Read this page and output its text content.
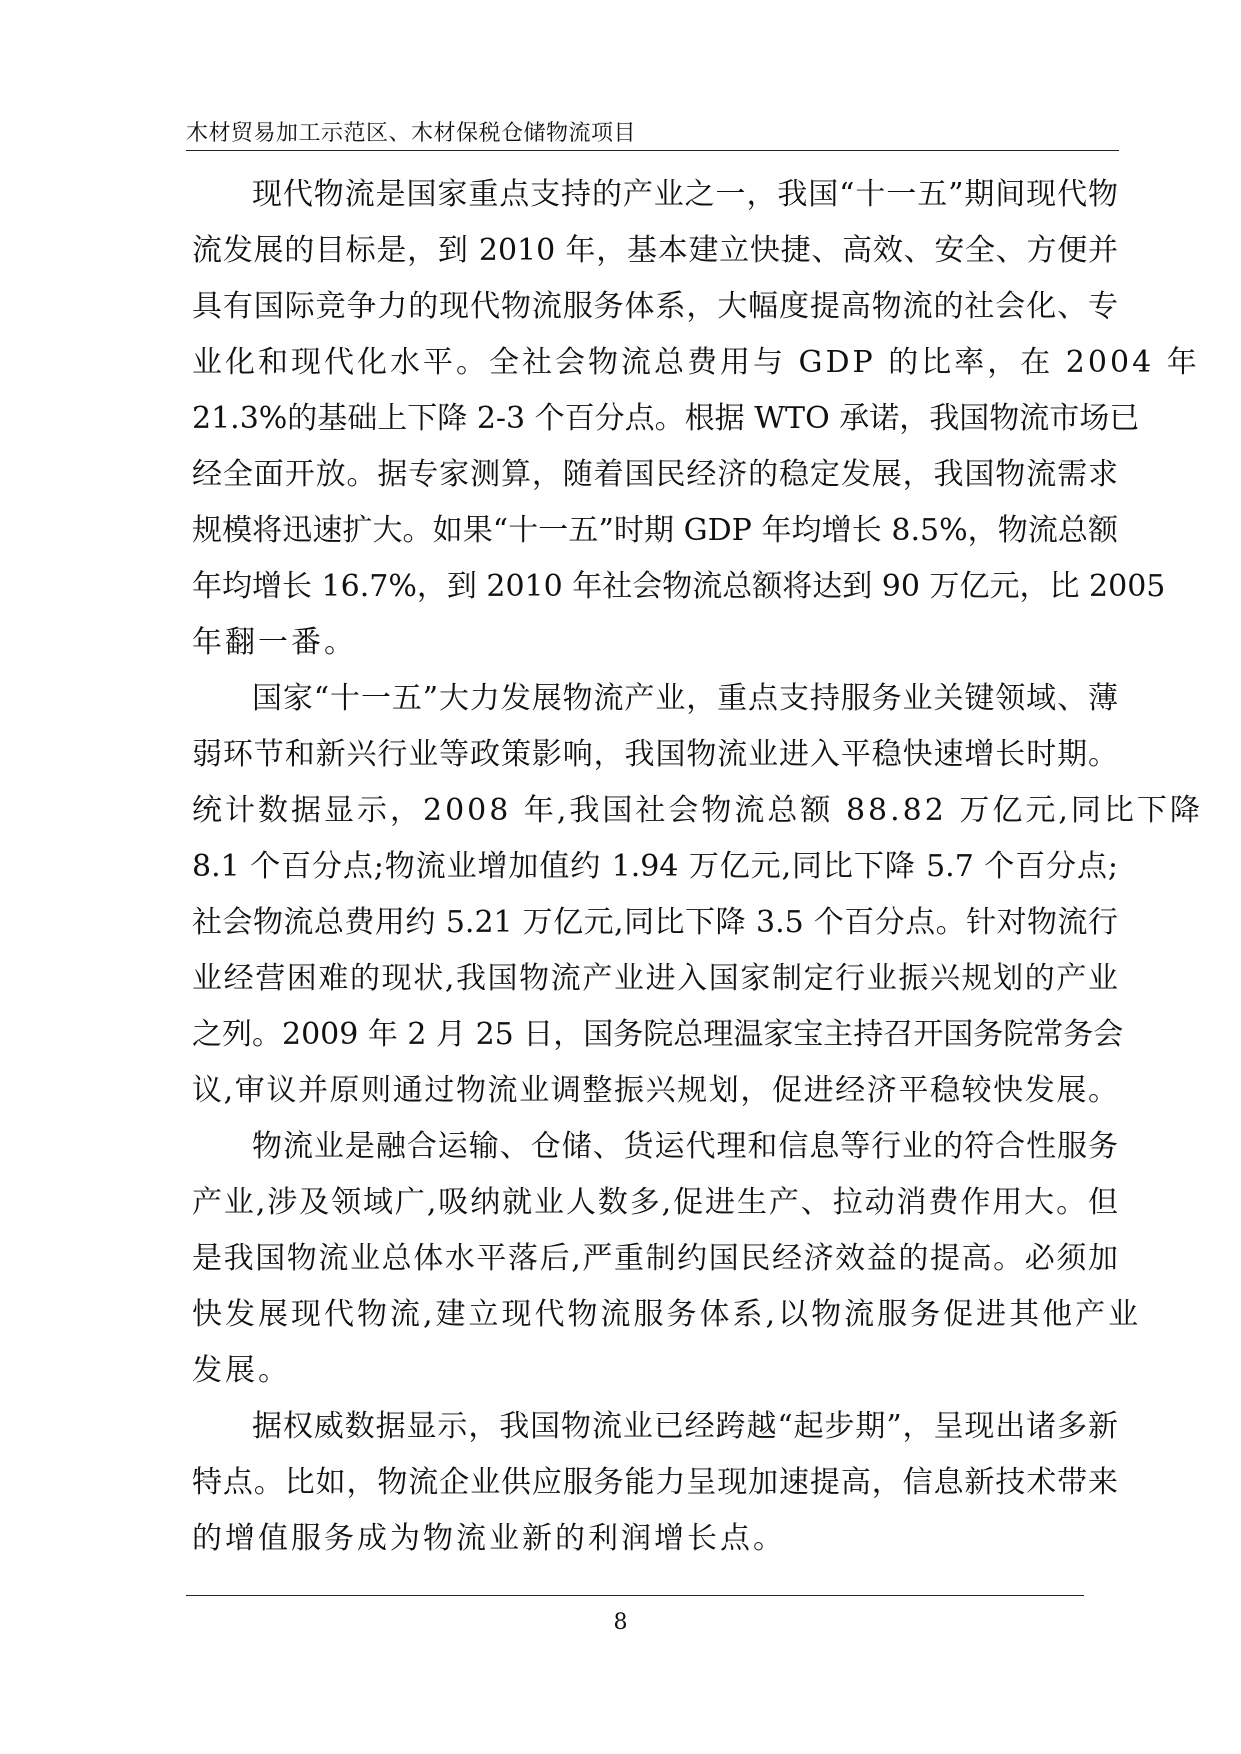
木材贸易加工示范区、木材保税仓储物流项目
现代物流是国家重点支持的产业之一，我国“十一五”期间现代物
流发展的目标是，到 2010 年，基本建立快捷、高效、安全、方便并
具有国际竞争力的现代物流服务体系，大幅度提高物流的社会化、专
业化和现代化水平。全社会物流总费用与 GDP 的比率，在 2004 年
21.3%的基础上下降 2-3 个百分点。根据 WTO 承诺，我国物流市场已
经全面开放。据专家测算，随着国民经济的稳定发展，我国物流需求
规模将迅速扩大。如果“十一五”时期 GDP 年均增长 8.5%，物流总额
年均增长 16.7%，到 2010 年社会物流总额将达到 90 万亿元，比 2005
年翻一番。
国家“十一五”大力发展物流产业，重点支持服务业关键领域、薄
弱环节和新兴行业等政策影响，我国物流业进入平稳快速增长时期。
统计数据显示，2008 年,我国社会物流总额 88.82 万亿元,同比下降
8.1 个百分点;物流业增加值约 1.94 万亿元,同比下降 5.7 个百分点;
社会物流总费用约 5.21 万亿元,同比下降 3.5 个百分点。针对物流行
业经营困难的现状,我国物流产业进入国家制定行业振兴规划的产业
之列。2009 年 2 月 25 日，国务院总理温家宝主持召开国务院常务会
议,审议并原则通过物流业调整振兴规划，促进经济平稳较快发展。
物流业是融合运输、仓储、货运代理和信息等行业的符合性服务
产业,涉及领域广,吸纳就业人数多,促进生产、拉动消费作用大。但
是我国物流业总体水平落后,严重制约国民经济效益的提高。必须加
快发展现代物流,建立现代物流服务体系,以物流服务促进其他产业
发展。
据权威数据显示，我国物流业已经跨越“起步期”，呈现出诸多新
特点。比如，物流企业供应服务能力呈现加速提高，信息新技术带来
的增值服务成为物流业新的利润增长点。
8
